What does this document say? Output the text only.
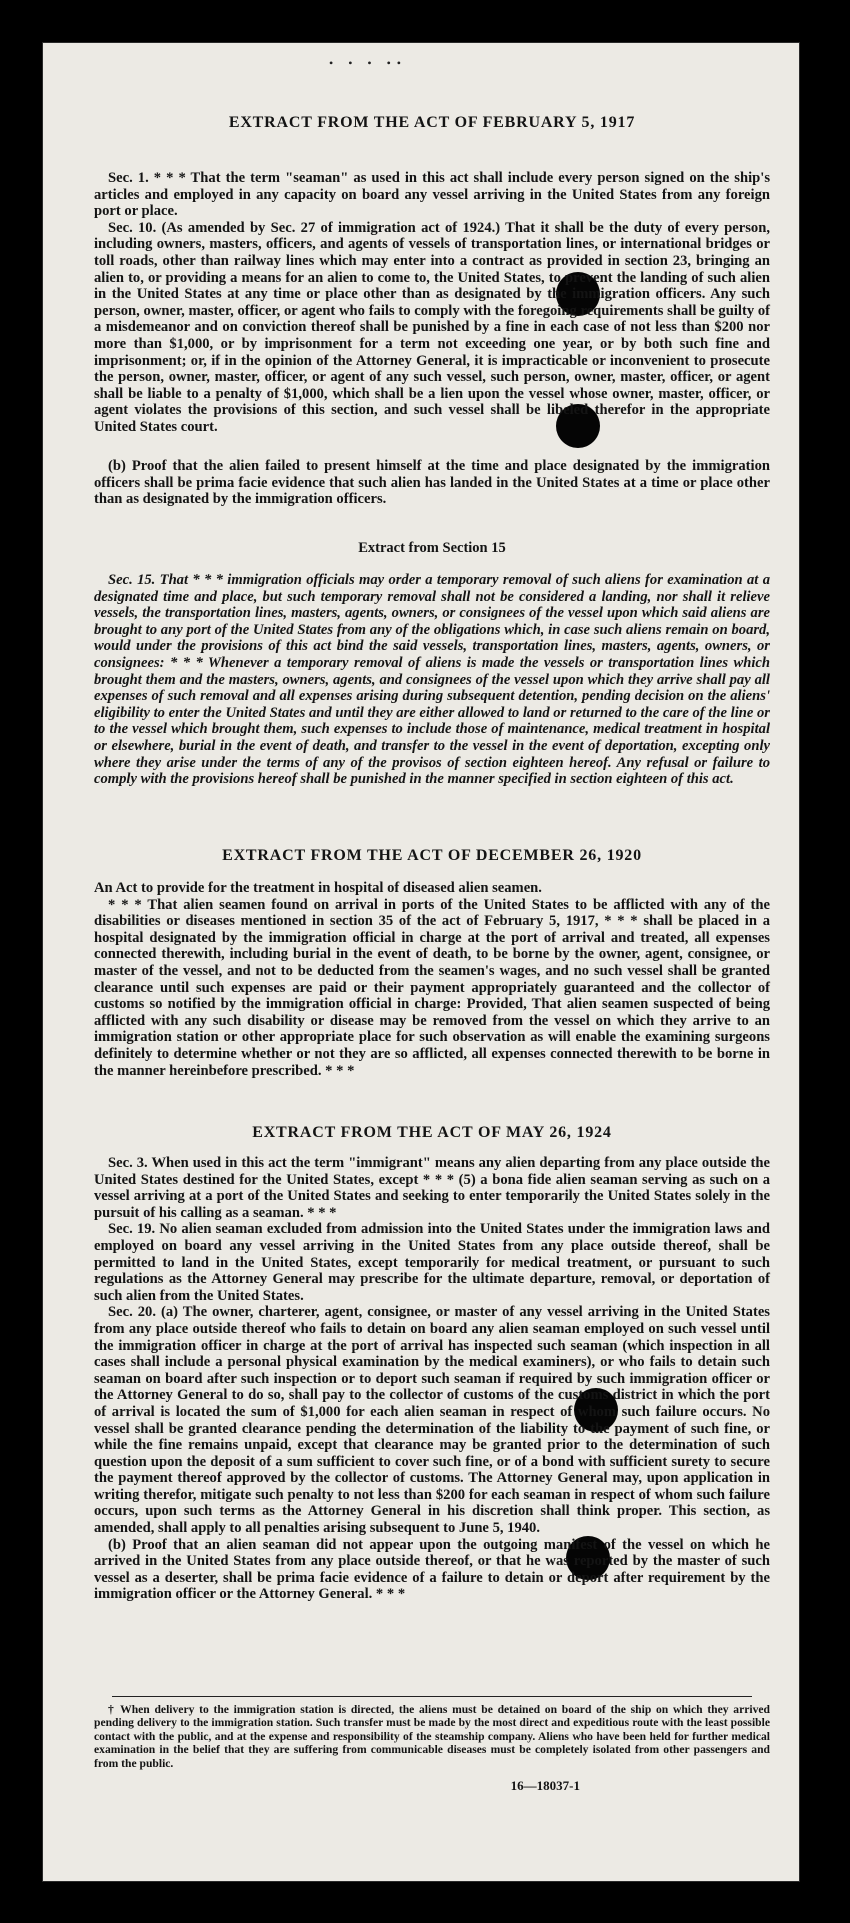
• • • ••
EXTRACT FROM THE ACT OF FEBRUARY 5, 1917

Sec. 1. * * * That the term "seaman" as used in this act shall include every person signed on the ship's articles and employed in any capacity on board any vessel arriving in the United States from any foreign port or place.

Sec. 10. (As amended by Sec. 27 of immigration act of 1924.) That it shall be the duty of every person, including owners, masters, officers, and agents of vessels of transportation lines, or international bridges or toll roads, other than railway lines which may enter into a contract as provided in section 23, bringing an alien to, or providing a means for an alien to come to, the United States, to prevent the landing of such alien in the United States at any time or place other than as designated by the immigration officers. Any such person, owner, master, officer, or agent who fails to comply with the foregoing requirements shall be guilty of a misdemeanor and on conviction thereof shall be punished by a fine in each case of not less than $200 nor more than $1,000, or by imprisonment for a term not exceeding one year, or by both such fine and imprisonment; or, if in the opinion of the Attorney General, it is impracticable or inconvenient to prosecute the person, owner, master, officer, or agent of any such vessel, such person, owner, master, officer, or agent shall be liable to a penalty of $1,000, which shall be a lien upon the vessel whose owner, master, officer, or agent violates the provisions of this section, and such vessel shall be libeled therefor in the appropriate United States court.

(b) Proof that the alien failed to present himself at the time and place designated by the immigration officers shall be prima facie evidence that such alien has landed in the United States at a time or place other than as designated by the immigration officers.

Extract from Section 15

Sec. 15. That * * * immigration officials may order a temporary removal of such aliens for examination at a designated time and place, but such temporary removal shall not be considered a landing, nor shall it relieve vessels, the transportation lines, masters, agents, owners, or consignees of the vessel upon which said aliens are brought to any port of the United States from any of the obligations which, in case such aliens remain on board, would under the provisions of this act bind the said vessels, transportation lines, masters, agents, owners, or consignees: * * * Whenever a temporary removal of aliens is made the vessels or transportation lines which brought them and the masters, owners, agents, and consignees of the vessel upon which they arrive shall pay all expenses of such removal and all expenses arising during subsequent detention, pending decision on the aliens' eligibility to enter the United States and until they are either allowed to land or returned to the care of the line or to the vessel which brought them, such expenses to include those of maintenance, medical treatment in hospital or elsewhere, burial in the event of death, and transfer to the vessel in the event of deportation, excepting only where they arise under the terms of any of the provisos of section eighteen hereof. Any refusal or failure to comply with the provisions hereof shall be punished in the manner specified in section eighteen of this act.

EXTRACT FROM THE ACT OF DECEMBER 26, 1920

An Act to provide for the treatment in hospital of diseased alien seamen.

* * * That alien seamen found on arrival in ports of the United States to be afflicted with any of the disabilities or diseases mentioned in section 35 of the act of February 5, 1917, * * * shall be placed in a hospital designated by the immigration official in charge at the port of arrival and treated, all expenses connected therewith, including burial in the event of death, to be borne by the owner, agent, consignee, or master of the vessel, and not to be deducted from the seamen's wages, and no such vessel shall be granted clearance until such expenses are paid or their payment appropriately guaranteed and the collector of customs so notified by the immigration official in charge: Provided, That alien seamen suspected of being afflicted with any such disability or disease may be removed from the vessel on which they arrive to an immigration station or other appropriate place for such observation as will enable the examining surgeons definitely to determine whether or not they are so afflicted, all expenses connected therewith to be borne in the manner hereinbefore prescribed. * * *

EXTRACT FROM THE ACT OF MAY 26, 1924

Sec. 3. When used in this act the term "immigrant" means any alien departing from any place outside the United States destined for the United States, except * * * (5) a bona fide alien seaman serving as such on a vessel arriving at a port of the United States and seeking to enter temporarily the United States solely in the pursuit of his calling as a seaman. * * *

Sec. 19. No alien seaman excluded from admission into the United States under the immigration laws and employed on board any vessel arriving in the United States from any place outside thereof, shall be permitted to land in the United States, except temporarily for medical treatment, or pursuant to such regulations as the Attorney General may prescribe for the ultimate departure, removal, or deportation of such alien from the United States.

Sec. 20. (a) The owner, charterer, agent, consignee, or master of any vessel arriving in the United States from any place outside thereof who fails to detain on board any alien seaman employed on such vessel until the immigration officer in charge at the port of arrival has inspected such seaman (which inspection in all cases shall include a personal physical examination by the medical examiners), or who fails to detain such seaman on board after such inspection or to deport such seaman if required by such immigration officer or the Attorney General to do so, shall pay to the collector of customs of the customs district in which the port of arrival is located the sum of $1,000 for each alien seaman in respect of whom such failure occurs. No vessel shall be granted clearance pending the determination of the liability to the payment of such fine, or while the fine remains unpaid, except that clearance may be granted prior to the determination of such question upon the deposit of a sum sufficient to cover such fine, or of a bond with sufficient surety to secure the payment thereof approved by the collector of customs. The Attorney General may, upon application in writing therefor, mitigate such penalty to not less than $200 for each seaman in respect of whom such failure occurs, upon such terms as the Attorney General in his discretion shall think proper. This section, as amended, shall apply to all penalties arising subsequent to June 5, 1940.

(b) Proof that an alien seaman did not appear upon the outgoing manifest of the vessel on which he arrived in the United States from any place outside thereof, or that he was reported by the master of such vessel as a deserter, shall be prima facie evidence of a failure to detain or deport after requirement by the immigration officer or the Attorney General. * * *

† When delivery to the immigration station is directed, the aliens must be detained on board of the ship on which they arrived pending delivery to the immigration station. Such transfer must be made by the most direct and expeditious route with the least possible contact with the public, and at the expense and responsibility of the steamship company. Aliens who have been held for further medical examination in the belief that they are suffering from communicable diseases must be completely isolated from other passengers and from the public.

16—18037-1
